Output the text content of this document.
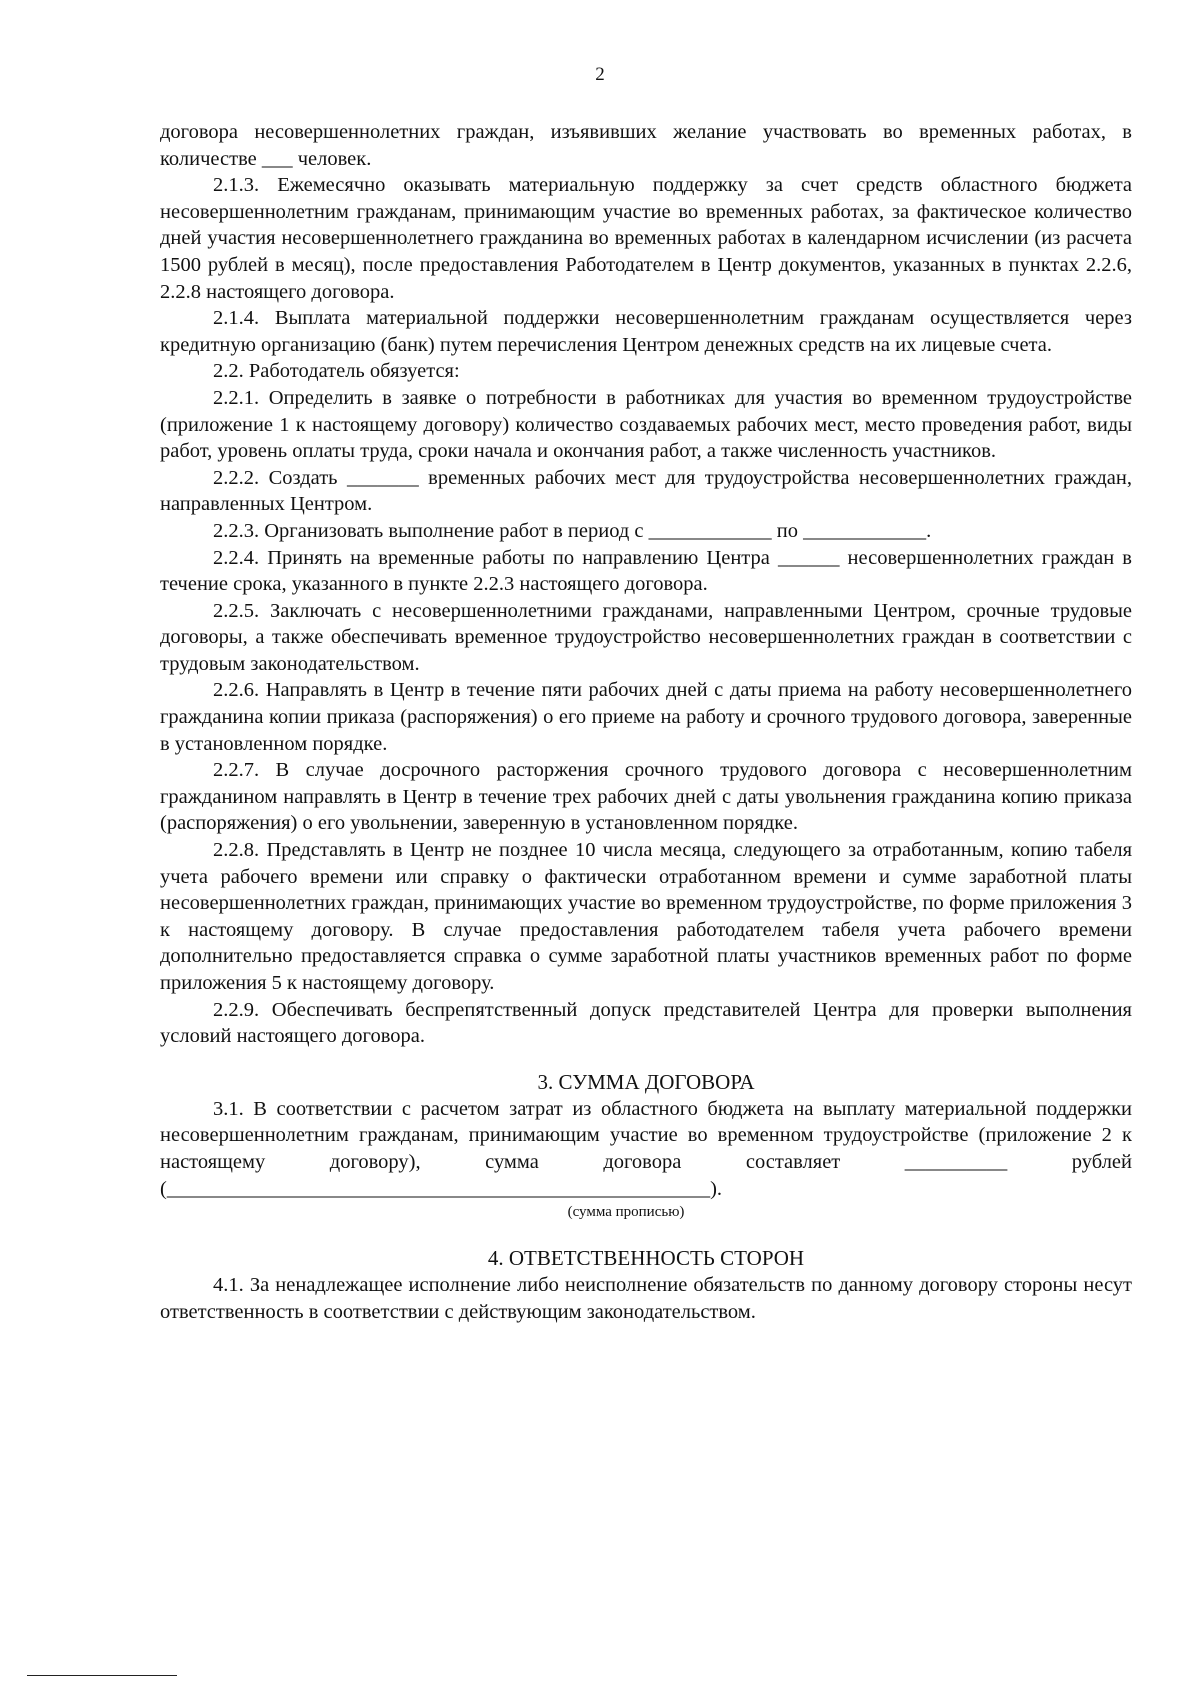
2

договора несовершеннолетних граждан, изъявивших желание участвовать во временных работах, в количестве ___ человек.

2.1.3. Ежемесячно оказывать материальную поддержку за счет средств областного бюджета несовершеннолетним гражданам, принимающим участие во временных работах, за фактическое количество дней участия несовершеннолетнего гражданина во временных работах в календарном исчислении (из расчета 1500 рублей в месяц), после предоставления Работодателем в Центр документов, указанных в пунктах 2.2.6, 2.2.8 настоящего договора.

2.1.4. Выплата материальной поддержки несовершеннолетним гражданам осуществляется через кредитную организацию (банк) путем перечисления Центром денежных средств на их лицевые счета.

2.2. Работодатель обязуется:

2.2.1. Определить в заявке о потребности в работниках для участия во временном трудоустройстве (приложение 1 к настоящему договору) количество создаваемых рабочих мест, место проведения работ, виды работ, уровень оплаты труда, сроки начала и окончания работ, а также численность участников.

2.2.2. Создать _______ временных рабочих мест для трудоустройства несовершеннолетних граждан, направленных Центром.

2.2.3. Организовать выполнение работ в период с ____________ по ____________.

2.2.4. Принять на временные работы по направлению Центра ______ несовершеннолетних граждан в течение срока, указанного в пункте 2.2.3 настоящего договора.

2.2.5. Заключать с несовершеннолетними гражданами, направленными Центром, срочные трудовые договоры, а также обеспечивать временное трудоустройство несовершеннолетних граждан в соответствии с трудовым законодательством.

2.2.6. Направлять в Центр в течение пяти рабочих дней с даты приема на работу несовершеннолетнего гражданина копии приказа (распоряжения) о его приеме на работу и срочного трудового договора, заверенные в установленном порядке.

2.2.7. В случае досрочного расторжения срочного трудового договора с несовершеннолетним гражданином направлять в Центр в течение трех рабочих дней с даты увольнения гражданина копию приказа (распоряжения) о его увольнении, заверенную в установленном порядке.

2.2.8. Представлять в Центр не позднее 10 числа месяца, следующего за отработанным, копию табеля учета рабочего времени или справку о фактически отработанном времени и сумме заработной платы несовершеннолетних граждан, принимающих участие во временном трудоустройстве, по форме приложения 3 к настоящему договору. В случае предоставления работодателем табеля учета рабочего времени дополнительно предоставляется справка о сумме заработной платы участников временных работ по форме приложения 5 к настоящему договору.

2.2.9. Обеспечивать беспрепятственный допуск представителей Центра для проверки выполнения условий настоящего договора.

3. СУММА ДОГОВОРА

3.1. В соответствии с расчетом затрат из областного бюджета на выплату материальной поддержки несовершеннолетним гражданам, принимающим участие во временном трудоустройстве (приложение 2 к настоящему договору), сумма договора составляет __________ рублей (_____________________________________________________).

(сумма прописью)
4. ОТВЕТСТВЕННОСТЬ СТОРОН

4.1. За ненадлежащее исполнение либо неисполнение обязательств по данному договору стороны несут ответственность в соответствии с действующим законодательством.
